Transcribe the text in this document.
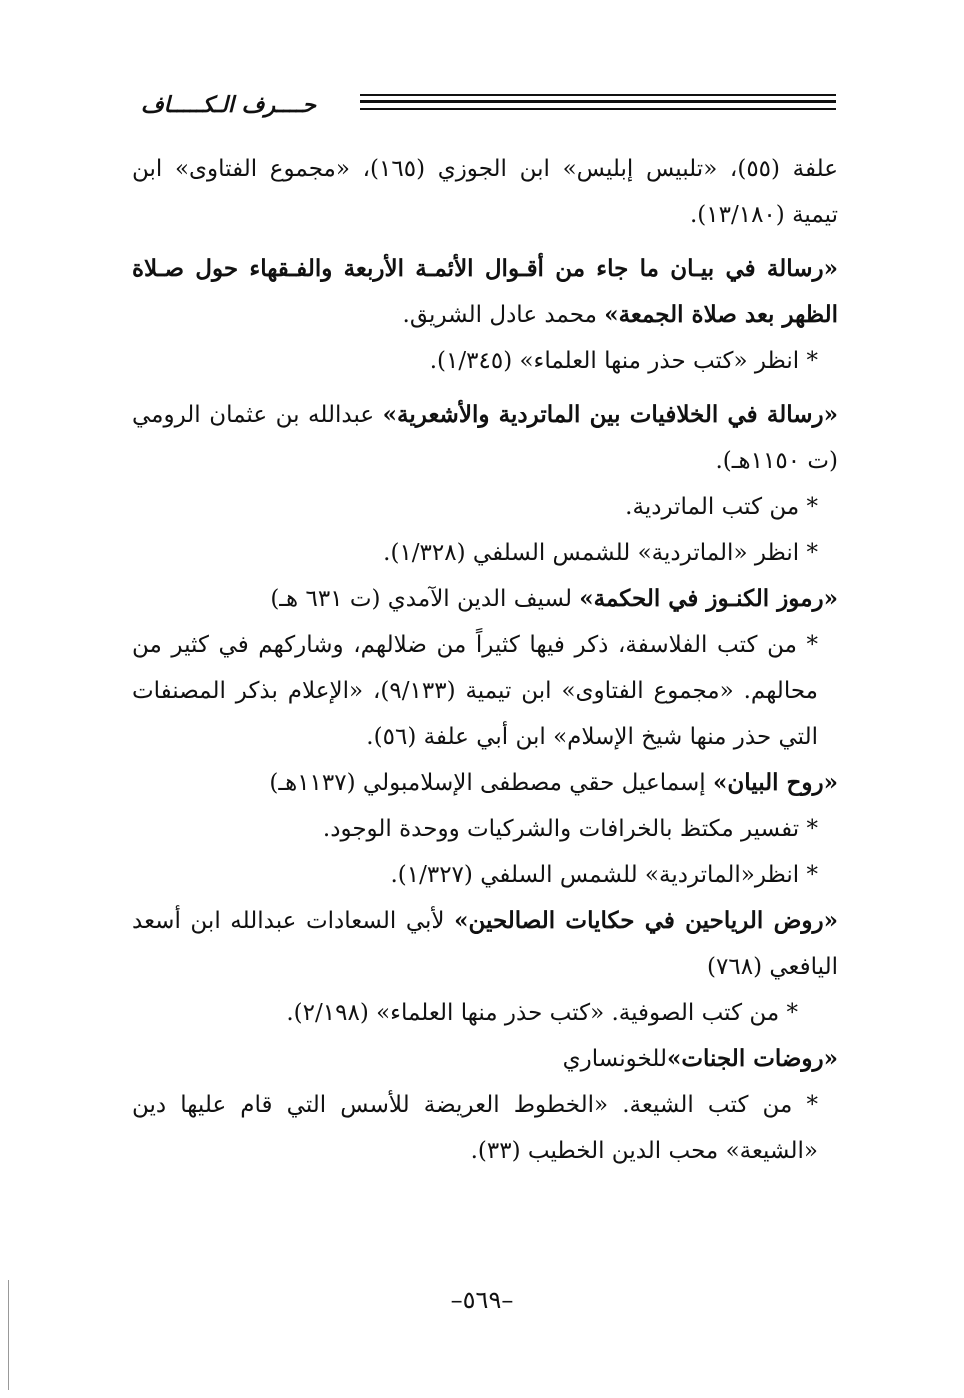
حــــرف الـكـــــاف

علفة (٥٥)، «تلبيس إبليس» ابن الجوزي (١٦٥)، «مجموع الفتاوى» ابن تيمية (١٣/١٨٠).

«رسالة في بيـان ما جاء من أقـوال الأئمـة الأربعة والفـقهاء حول صـلاة الظهر بعد صلاة الجمعة» محمد عادل الشريق.

* انظر «كتب حذر منها العلماء» (١/٣٤٥).

«رسالة في الخلافيات بين الماتردية والأشعرية» عبدالله بن عثمان الرومي (ت ١١٥٠هـ).

* من كتب الماتردية.

* انظر «الماتردية» للشمس السلفي (١/٣٢٨).

«رموز الكنـوز في الحكمة» لسيف الدين الآمدي (ت ٦٣١ هـ)

* من كتب الفلاسفة، ذكر فيها كثيراً من ضلالهم، وشاركهم في كثير من محالهم. «مجموع الفتاوى» ابن تيمية (٩/١٣٣)، «الإعلام بذكر المصنفات التي حذر منها شيخ الإسلام» ابن أبي علفة (٥٦).

«روح البيان» إسماعيل حقي مصطفى الإسلامبولي (١١٣٧هـ)

* تفسير مكتظ بالخرافات والشركيات ووحدة الوجود.

* انظر«الماتردية» للشمس السلفي (١/٣٢٧).

«روض الرياحين في حكايات الصالحين» لأبي السعادات عبدالله ابن أسعد اليافعي (٧٦٨)

* من كتب الصوفية. «كتب حذر منها العلماء» (٢/١٩٨).

«روضات الجنات»للخونساري

* من كتب الشيعة. «الخطوط العريضة للأسس التي قام عليها دين «الشيعة» محب الدين الخطيب (٣٣).

–٥٦٩–
